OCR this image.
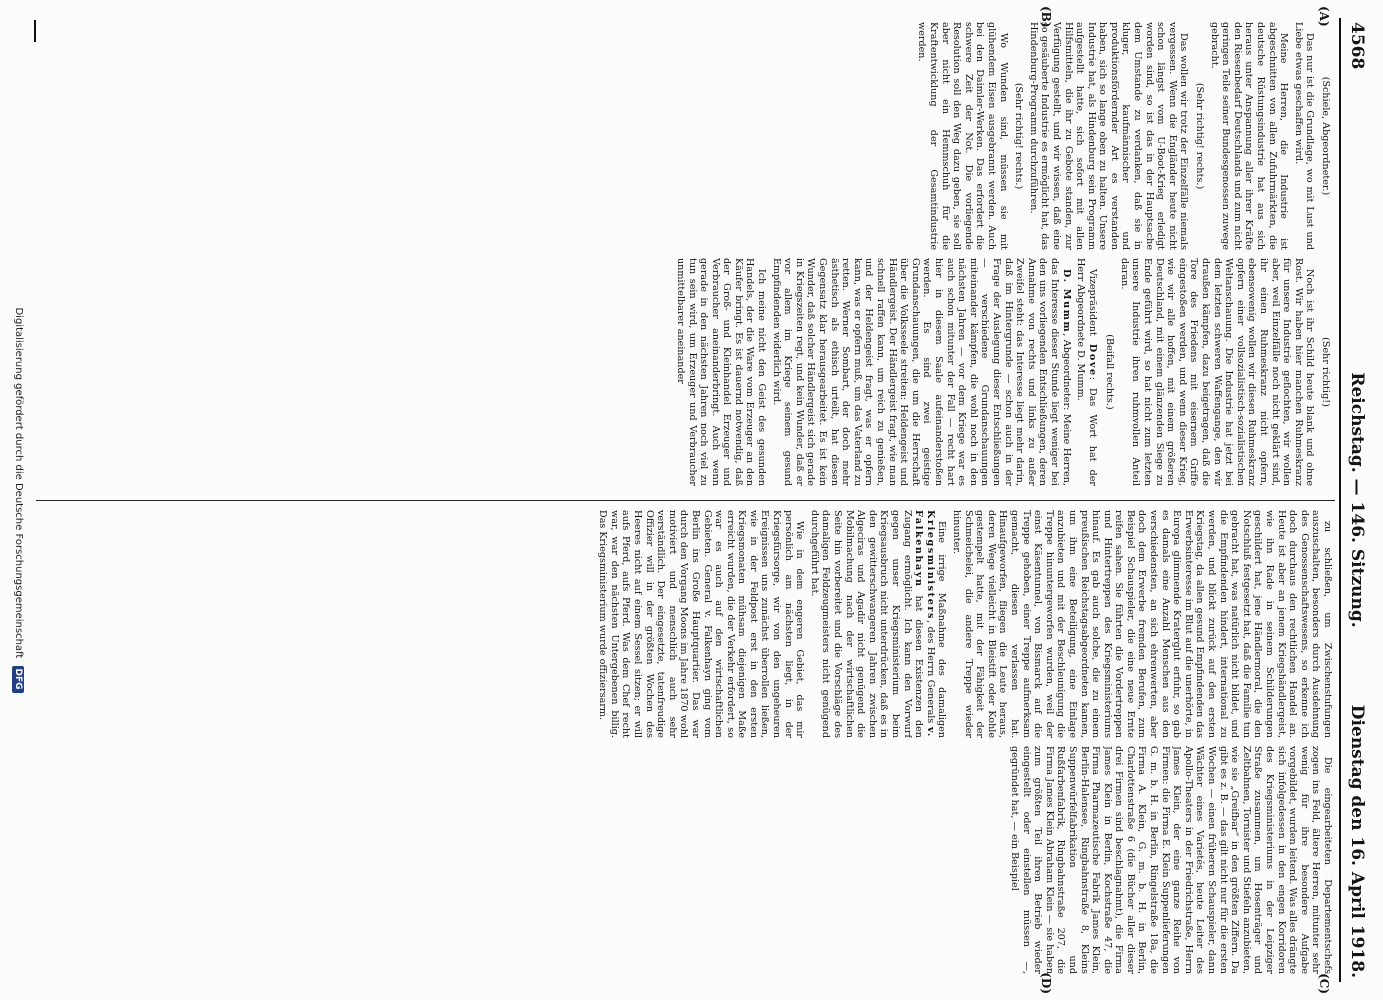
4568
Reichstag. — 146. Sitzung.
Dienstag den 16. April 1918.
(A)
(B)
(C)
(D)

(Schiele, Abgeordneter.)

Das nur ist die Grundlage, wo mit Lust und Liebe etwas geschaffen wird.

Meine Herren, die Industrie ist abgeschnitten von allen Zufuhrmärkten, die deutsche Rüstungsindustrie hat aus sich heraus unter Anspannung aller ihrer Kräfte den Riesenbedarf Deutschlands und zum nicht geringen Teile seiner Bundesgenossen zuwege gebracht.

(Sehr richtig! rechts.)

Das wollen wir trotz der Einzelfälle niemals vergessen. Wenn die Engländer heute nicht schon längst vom U-Boot-Krieg erledigt worden sind, so ist das in der Hauptsache dem Umstande zu verdanken, daß sie in kluger, kaufmännischer und produktionsfördernder Art es verstanden haben, sich so lange oben zu halten. Unsere Industrie hat, als Hindenburg sein Programm aufgestellt hatte, sich sofort mit allen Hilfsmitteln, die ihr zu Gebote standen, zur Verfügung gestellt, und wir wissen, daß eine so gesäuberte Industrie es ermöglicht hat, das Hindenburg-Programm durchzuführen.

(Sehr richtig! rechts.)

Wo Wunden sind, müssen sie mit glühendem Eisen ausgebrannt werden. Auch bei den Daimler-Werken. Das erfordert die schwere Zeit der Not. Die vorliegende Resolution soll den Weg dazu geben, sie soll aber nicht ein Hemmschuh für die Kraftentwicklung der Gesamtindustrie werden.

(Sehr richtig!)

Noch ist ihr Schild heute blank und ohne Rost. Wir haben hier manchen Ruhmeskranz für unsere Industrie geflochten, wir wollen aber, weil Einzelfälle noch nicht geklärt sind, ihr einen Ruhmeskranz nicht opfern, ebensowenig wollen wir diesen Ruhmeskranz opfern einer vollsozialistisch-sozialistischen Weltanschauung. Die Industrie hat jetzt bei dem letzten schweren Waffengange, den wir draußen kämpfen, dazu beigetragen, daß die Tore des Friedens mit eisernem Griffe eingestoßen werden, und wenn dieser Krieg, wie wir alle hoffen, mit einem größeren Deutschland, mit einem glänzenden Siege zu Ende geführt wird, so hat nicht zum letzten unsere Industrie ihren ruhmvollen Anteil daran.

(Beifall rechts.)

Vizepräsident Dove: Das Wort hat der Herr Abgeordnete D. Mumm.

D. Mumm, Abgeordneter: Meine Herren, das Interesse dieser Stunde liegt weniger bei den uns vorliegenden Entschließungen, deren Annahme von rechts und links zu außer Zweifel steht: das Interesse liegt mehr darin, daß im Hintergrunde — schon auch in der Frage der Auslegung dieser Entschließungen — verschiedene Grundanschauungen miteinander kämpfen, die wohl noch in den nächsten Jahren — vor dem Kriege war es auch schon mitunter der Fall — recht hart hier in diesem Saale aufeinanderstoßen werden. Es sind zwei geistige Grundanschauungen, die um die Herrschaft über die Volksseele streiten: Heldengeist und Händlergeist. Der Händlergeist fragt, wie man schnell raffen kann, um reich zu genießen, und der Heldengeist fragt, was er opfern kann, was er opfern muß, um das Vaterland zu retten. Werner Sombart, der doch mehr ästhetisch als ethisch urteilt, hat diesen Gegensatz klar herausgearbeitet. Es ist kein Wunder, daß solcher Händlergeist sich gerade in Kriegszeiten regt, und kein Wunder, daß er vor allem im Kriege seinem gesund Empfindenden widerlich wird.

Ich meine nicht den Geist des gesunden Handels, der die Ware vom Erzeuger an den Käufer bringt. Es ist dauernd notwendig, daß der Groß- und Kleinhandel Erzeuger und Verbraucher aneinanderbringt. Auch wenn gerade in den nächsten Jahren noch viel zu tun sein wird, um Erzeuger und Verbraucher unmittelbarer aneinander

zu schließen, um Zwischenstufungen auszuschalten, besonders durch Ausdehnung des Genossenschaftswesens, so erkenne ich doch durchaus den rechtlichen Handel an. Heute ist aber an jenem Kriegshändlergeist, wie ihn Rade in seinem Schilderungen geschildert hat, jene Händlermoral, die den Notschluß festgesetzt hat, daß die Familie tun gebracht hat, was natürlich nicht bildet, und die Empfindenden hindert, international zu werden, und blickt zurück auf den ersten Kriegstag, da allen gesund Empfindenden das Erwerbsinteresse im Blut auf die unerhörte, in Europa glimmende Kraterglut erfuhr, so gab es damals eine Anzahl Menschen aus den verschiedensten, an sich ehrenwerten, aber doch dem Erwerbe fremden Berufen, zum Beispiel Schauspieler, die eine neue Ernte reifen sahen. Sie führten die Vordertreppen und Hintertreppen des Kriegsministeriums hinauf. Es gab auch solche, die zu einem preußischen Reichstagsabgeordneten kamen, um ihm eine Beteiligung, eine Einlage anzubieten und mit der Beschleunigung die Treppe hinuntergeworfen wurden, weil der einst Käsentunnel, von Bismarck auf die Treppe gehoben, einer Treppe aufmerksam gemacht, diesen verlassen hat. Hinaufgeworfen, fliegen die Leute heraus, deren Wege vielleicht in Bleistift oder Kohle gestempelt hatte, mit der Fähigkeit der Schmeichelei, die andere Treppe wieder hinunter.

Eine irrige Maßnahme des damaligen Kriegsministers, des Herrn Generals v. Falkenhayn hat diesen Existenzen den Zugang ermöglicht. Ich kann den Vorwurf gegen unser Kriegsministerium beim Kriegsausbruch nicht unterdrücken, daß es in den gewitterschwangeren Jahren zwischen Algeciras und Agadir nicht genügend die Mobilmachung nach der wirtschaftlichen Seite hin vorbereitet und die Vorschläge des damaligen Feldzeugmeisters nicht genügend durchgeführt hat.

Wie in dem engeren Gebiet, das mir persönlich am nächsten liegt, in der Kriegsfürsorge, wir von den ungeheuren Ereignissen uns zunächst überrollen ließen, wie in der Feldpost erst in den ersten Kriegsmonaten mühsam diejenigen Maße erreicht wurden, die der Verkehr erfordert, so war es auch auf den wirtschaftlichen Gebieten. General v. Falkenhayn ging vom Berlin ins Große Hauptquartier. Das war durch den Vorgang Moons im Jahre 1870 wohl motiviert und menschlich auch sehr verständlich. Der eingesetzte, tatenfreudige Offizier will in der größten Wochen des Heeres nicht auf einem Sessel sitzen; er will aufs Pferd, aufs Pferd. Was dem Chef recht war, war den nächsten Untergebenen billig. Das Kriegsministerium wurde offiziersarm.

Die eingearbeiteten Departementschefs zogen ins Feld, ältere Herren, mitunter sehr wenig für ihre besondere Aufgabe vorgebildet, wurden leitend. Was alles drängte sich infolgedessen in den engen Korridoren des Kriegsministeriums in der Leipziger Straße zusammen, um Hosenträger und Zeltbahnen, Tornister und Stiefeln anzubieten, wie sie „Greifbar“ in den größten Ziffern. Da gibt es z. B. — das gilt nicht nur für die ersten Wochen — einen früheren Schauspieler, dann Wächter eines Varietés, heute Leiter des Apollo-Theaters in der Friedrichstraße, Herrn James Klein, der eine ganze Reihe von Firmen: die Firma E. Klein Suppenlieferungen G. m. b. H. in Berlin, Ringelstraße 18a, die Firma A. Klein, G. m. b. H. in Berlin, Charlottenstraße 6 (die Bücher aller dieser drei Firmen sind beschlagnahmt), die Firma James Klein in Berlin, Kochstraße 47, die Firma Pharmazeutische Fabrik James Klein, Berlin-Halensee, Ringbahnstraße 8, Kleins Suppenwürfelfabrikation und Rußfarbenfabrik, Ringbahnstraße 207, die Firma James Klein Abraham Klein — sie haben zum größten Teil ihren Betrieb wieder eingestellt oder einstellen müssen —, gegründet hat, — ein Beispiel

Digitalisierung gefördert durch die Deutsche Forschungsgemeinschaft DFG
